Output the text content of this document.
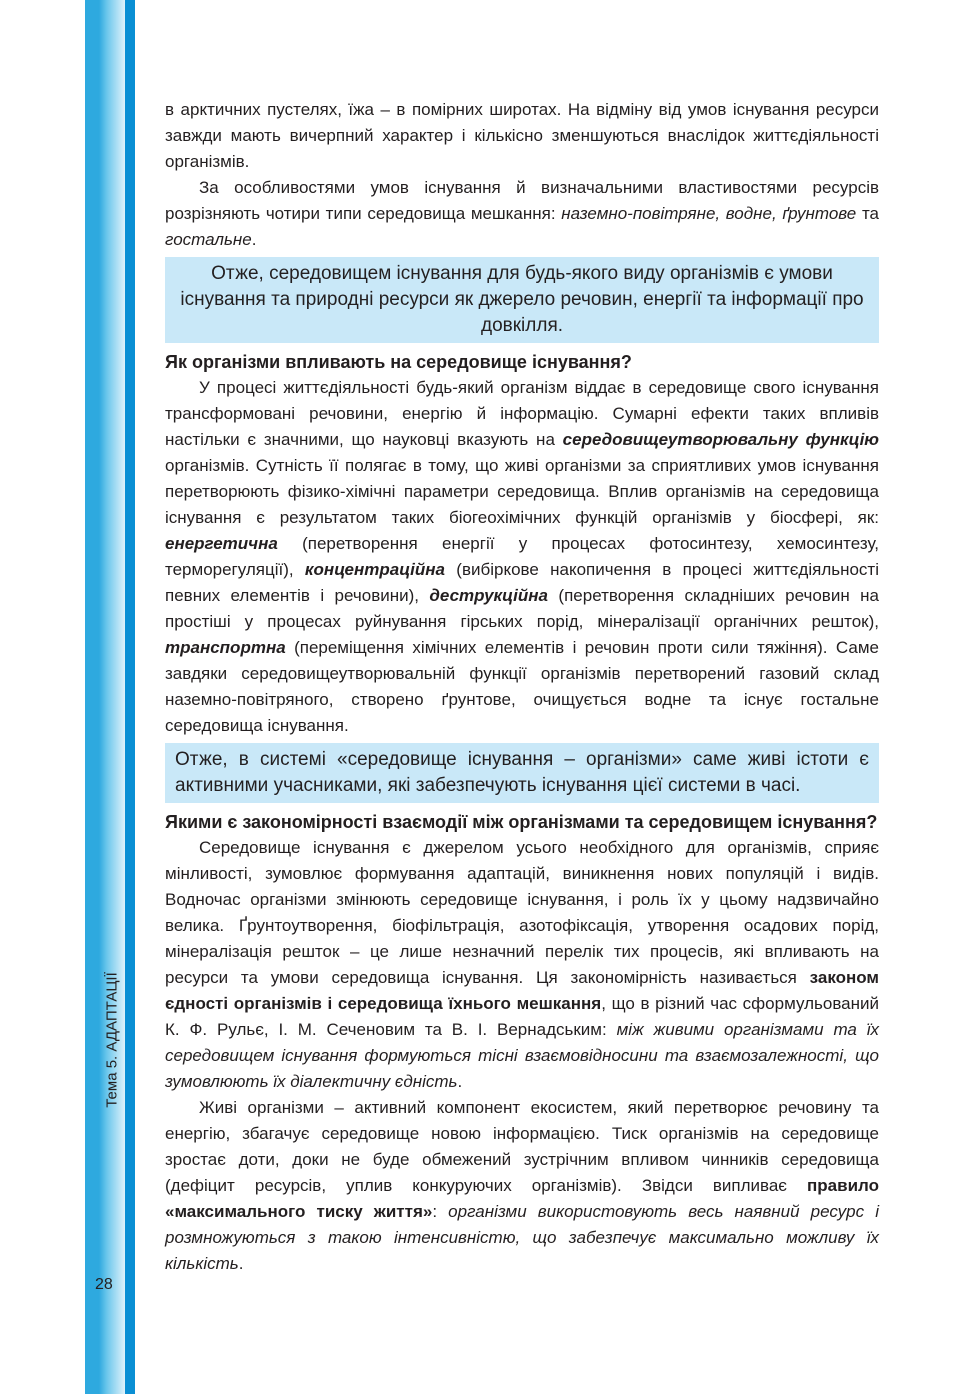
Тема 5. АДАПТАЦІЇ
28

в арктичних пустелях, їжа – в помірних широтах. На відміну від умов існування ресурси завжди мають вичерпний характер і кількісно зменшуються внаслідок життєдіяльності організмів.

За особливостями умов існування й визначальними властивостями ресурсів розрізняють чотири типи середовища мешкання: наземно-повітряне, водне, ґрунтове та гостальне.

Отже, середовищем існування для будь-якого виду організмів є умови існування та природні ресурси як джерело речовин, енергії та інформації про довкілля.
Як організми впливають на середовище існування?

У процесі життєдіяльності будь-який організм віддає в середовище свого існування трансформовані речовини, енергію й інформацію. Сумарні ефекти таких впливів настільки є значними, що науковці вказують на середовищеутворювальну функцію організмів. Сутність її полягає в тому, що живі організми за сприятливих умов існування перетворюють фізико-хімічні параметри середовища. Вплив організмів на середовища існування є результатом таких біогеохімічних функцій організмів у біосфері, як: енергетична (перетворення енергії у процесах фотосинтезу, хемосинтезу, терморегуляції), концентраційна (вибіркове накопичення в процесі життєдіяльності певних елементів і речовини), деструкційна (перетворення складніших речовин на простіші у процесах руйнування гірських порід, мінералізації органічних решток), транспортна (переміщення хімічних елементів і речовин проти сили тяжіння). Саме завдяки середовищеутворювальній функції організмів перетворений газовий склад наземно-повітряного, створено ґрунтове, очищується водне та існує гостальне середовища існування.

Отже, в системі «середовище існування – організми» саме живі істоти є активними учасниками, які забезпечують існування цієї системи в часі.
Якими є закономірності взаємодії між організмами та середовищем існування?

Середовище існування є джерелом усього необхідного для організмів, сприяє мінливості, зумовлює формування адаптацій, виникнення нових популяцій і видів. Водночас організми змінюють середовище існування, і роль їх у цьому надзвичайно велика. Ґрунтоутворення, біофільтрація, азотофіксація, утворення осадових порід, мінералізація решток – це лише незначний перелік тих процесів, які впливають на ресурси та умови середовища існування. Ця закономірність називається законом єдності організмів і середовища їхнього мешкання, що в різний час сформульований К. Ф. Рульє, І. М. Сеченовим та В. І. Вернадським: між живими організмами та їх середовищем існування формуються тісні взаємовідносини та взаємозалежності, що зумовлюють їх діалектичну єдність.

Живі організми – активний компонент екосистем, який перетворює речовину та енергію, збагачує середовище новою інформацією. Тиск організмів на середовище зростає доти, доки не буде обмежений зустрічним впливом чинників середовища (дефіцит ресурсів, уплив конкуруючих організмів). Звідси випливає правило «максимального тиску життя»: організми використовують весь наявний ресурс і розмножуються з такою інтенсивністю, що забезпечує максимально можливу їх кількість.
